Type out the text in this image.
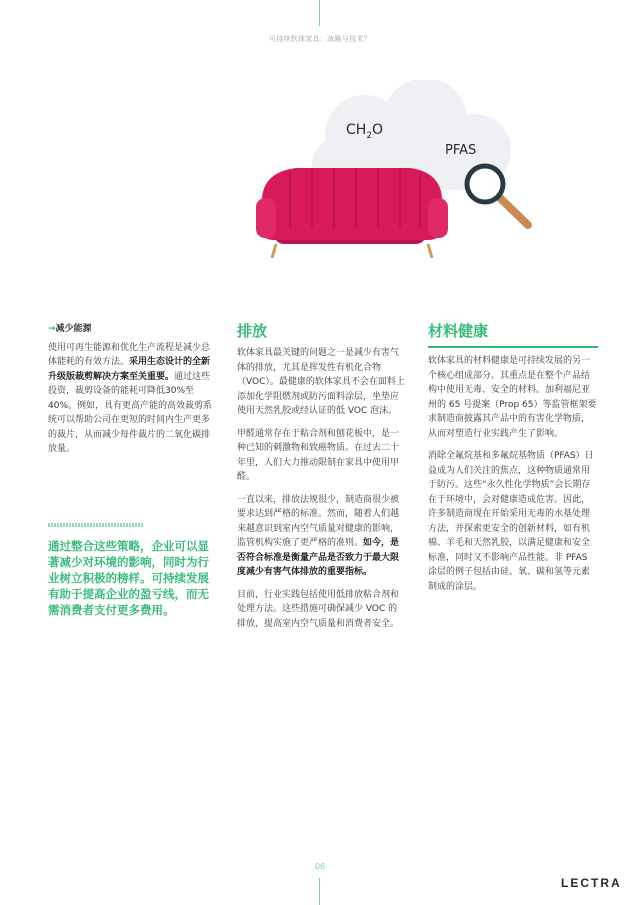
可持续软体家具：战略与技术？
$CH_2O$
PFAS
→减少能源

使用可再生能源和优化生产流程是减少总体能耗的有效方法。采用生态设计的全新升级版裁剪解决方案至关重要。通过这些投资，裁剪设备的能耗可降低30%至40%。例如，具有更高产能的高效裁剪系统可以帮助公司在更短的时间内生产更多的裁片，从而减少每件裁片的二氧化碳排放量。

通过整合这些策略，企业可以显著减少对环境的影响，同时为行业树立积极的榜样。可持续发展有助于提高企业的盈亏线，而无需消费者支付更多费用。
排放

软体家具最关键的问题之一是减少有害气体的排放，尤其是挥发性有机化合物（VOC）。最健康的软体家具不会在面料上添加化学阻燃剂或防污面料涂层，坐垫应使用天然乳胶或经认证的低 VOC 泡沫。

甲醛通常存在于粘合剂和刨花板中，是一种已知的刺激物和致癌物质。在过去二十年里，人们大力推动限制在家具中使用甲醛。

一直以来，排放法规很少，制造商很少被要求达到严格的标准。然而，随着人们越来越意识到室内空气质量对健康的影响，监管机构实施了更严格的准则。如今，是否符合标准是衡量产品是否致力于最大限度减少有害气体排放的重要指标。

目前，行业实践包括使用低排放粘合剂和处理方法。这些措施可确保减少 VOC 的排放，提高室内空气质量和消费者安全。

材料健康

软体家具的材料健康是可持续发展的另一个核心组成部分。其重点是在整个产品结构中使用无毒、安全的材料。加利福尼亚州的 65 号提案（Prop 65）等监管框架要求制造商披露其产品中的有害化学物质，从而对塑造行业实践产生了影响。

消除全氟烷基和多氟烷基物质（PFAS）日益成为人们关注的焦点，这种物质通常用于防污。这些“永久性化学物质”会长期存在于环境中，会对健康造成危害。因此，许多制造商现在开始采用无毒的水基处理方法，并探索更安全的创新材料，如有机棉、羊毛和天然乳胶，以满足健康和安全标准，同时又不影响产品性能。非 PFAS 涂层的例子包括由硅、氧、碳和氢等元素制成的涂层。

06
LECTRA
